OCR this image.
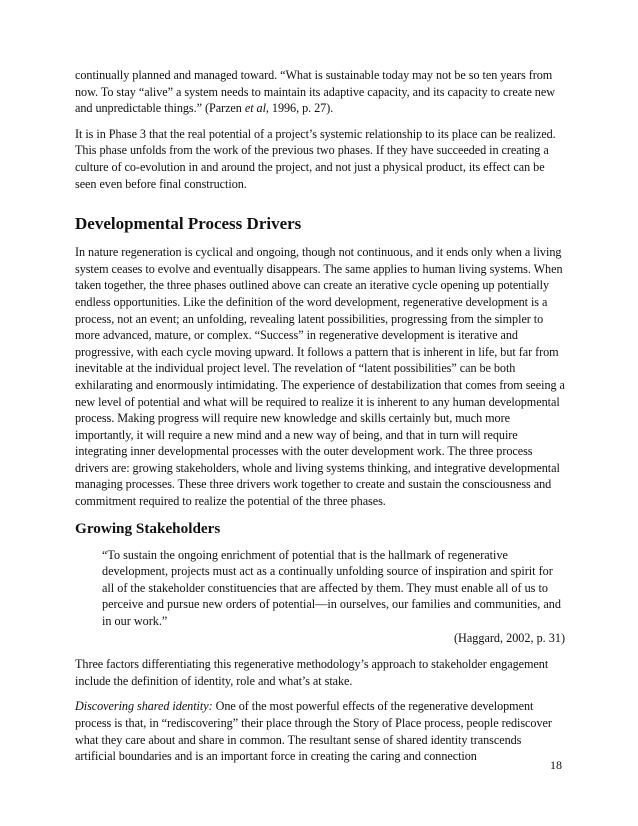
continually planned and managed toward. “What is sustainable today may not be so ten years from now. To stay “alive” a system needs to maintain its adaptive capacity, and its capacity to create new and unpredictable things.” (Parzen et al, 1996, p. 27).

It is in Phase 3 that the real potential of a project’s systemic relationship to its place can be realized. This phase unfolds from the work of the previous two phases. If they have succeeded in creating a culture of co-evolution in and around the project, and not just a physical product, its effect can be seen even before final construction.

Developmental Process Drivers

In nature regeneration is cyclical and ongoing, though not continuous, and it ends only when a living system ceases to evolve and eventually disappears. The same applies to human living systems. When taken together, the three phases outlined above can create an iterative cycle opening up potentially endless opportunities. Like the definition of the word development, regenerative development is a process, not an event; an unfolding, revealing latent possibilities, progressing from the simpler to more advanced, mature, or complex. “Success” in regenerative development is iterative and progressive, with each cycle moving upward. It follows a pattern that is inherent in life, but far from inevitable at the individual project level. The revelation of “latent possibilities” can be both exhilarating and enormously intimidating. The experience of destabilization that comes from seeing a new level of potential and what will be required to realize it is inherent to any human developmental process. Making progress will require new knowledge and skills certainly but, much more importantly, it will require a new mind and a new way of being, and that in turn will require integrating inner developmental processes with the outer development work. The three process drivers are: growing stakeholders, whole and living systems thinking, and integrative developmental managing processes. These three drivers work together to create and sustain the consciousness and commitment required to realize the potential of the three phases.

Growing Stakeholders

“To sustain the ongoing enrichment of potential that is the hallmark of regenerative development, projects must act as a continually unfolding source of inspiration and spirit for all of the stakeholder constituencies that are affected by them. They must enable all of us to perceive and pursue new orders of potential—in ourselves, our families and communities, and in our work.”

(Haggard, 2002, p. 31)

Three factors differentiating this regenerative methodology’s approach to stakeholder engagement include the definition of identity, role and what’s at stake.

Discovering shared identity: One of the most powerful effects of the regenerative development process is that, in “rediscovering” their place through the Story of Place process, people rediscover what they care about and share in common. The resultant sense of shared identity transcends artificial boundaries and is an important force in creating the caring and connection

18
